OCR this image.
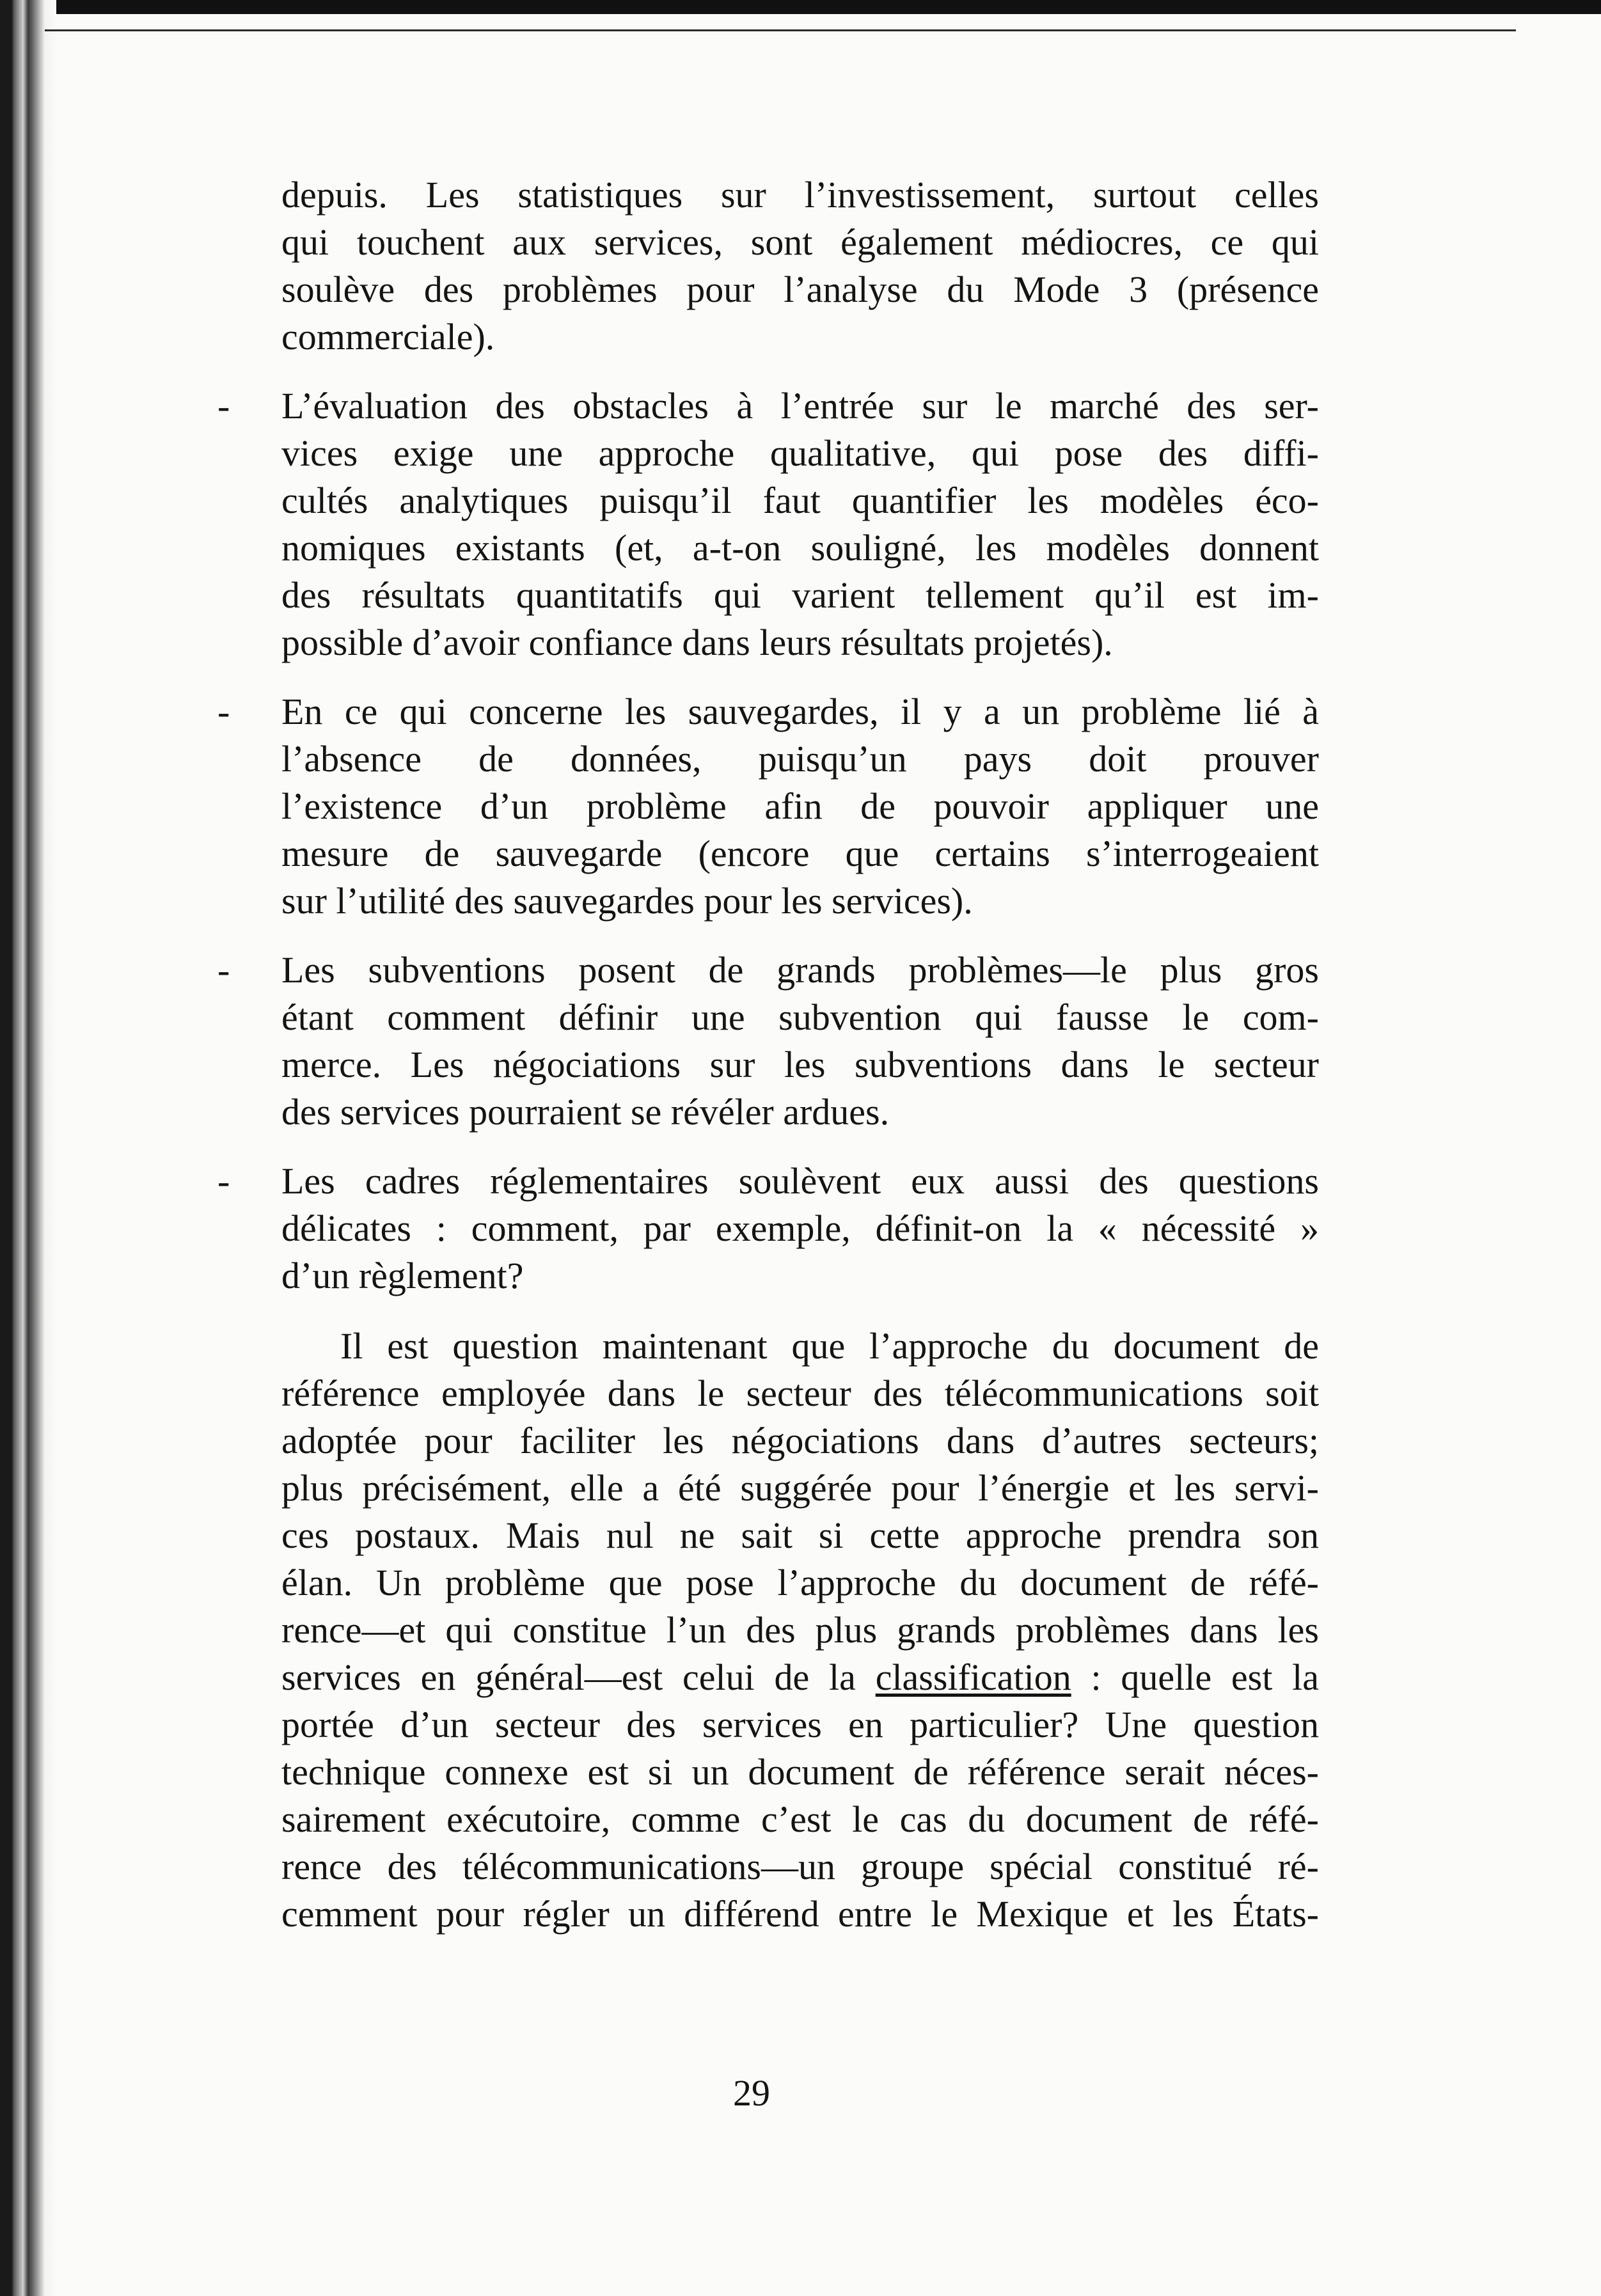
depuis. Les statistiques sur l’investissement, surtout celles
qui touchent aux services, sont également médiocres, ce qui
soulève des problèmes pour l’analyse du Mode 3 (présence
commerciale).
- L’évaluation des obstacles à l’entrée sur le marché des ser-
vices exige une approche qualitative, qui pose des diffi-
cultés analytiques puisqu’il faut quantifier les modèles éco-
nomiques existants (et, a-t-on souligné, les modèles donnent
des résultats quantitatifs qui varient tellement qu’il est im-
possible d’avoir confiance dans leurs résultats projetés).
- En ce qui concerne les sauvegardes, il y a un problème lié à
l’absence de données, puisqu’un pays doit prouver
l’existence d’un problème afin de pouvoir appliquer une
mesure de sauvegarde (encore que certains s’interrogeaient
sur l’utilité des sauvegardes pour les services).
- Les subventions posent de grands problèmes—le plus gros
étant comment définir une subvention qui fausse le com-
merce. Les négociations sur les subventions dans le secteur
des services pourraient se révéler ardues.
- Les cadres réglementaires soulèvent eux aussi des questions
délicates : comment, par exemple, définit-on la « nécessité »
d’un règlement?
Il est question maintenant que l’approche du document de
référence employée dans le secteur des télécommunications soit
adoptée pour faciliter les négociations dans d’autres secteurs;
plus précisément, elle a été suggérée pour l’énergie et les servi-
ces postaux. Mais nul ne sait si cette approche prendra son
élan. Un problème que pose l’approche du document de réfé-
rence—et qui constitue l’un des plus grands problèmes dans les
services en général—est celui de la classification : quelle est la
portée d’un secteur des services en particulier? Une question
technique connexe est si un document de référence serait néces-
sairement exécutoire, comme c’est le cas du document de réfé-
rence des télécommunications—un groupe spécial constitué ré-
cemment pour régler un différend entre le Mexique et les États-
29
